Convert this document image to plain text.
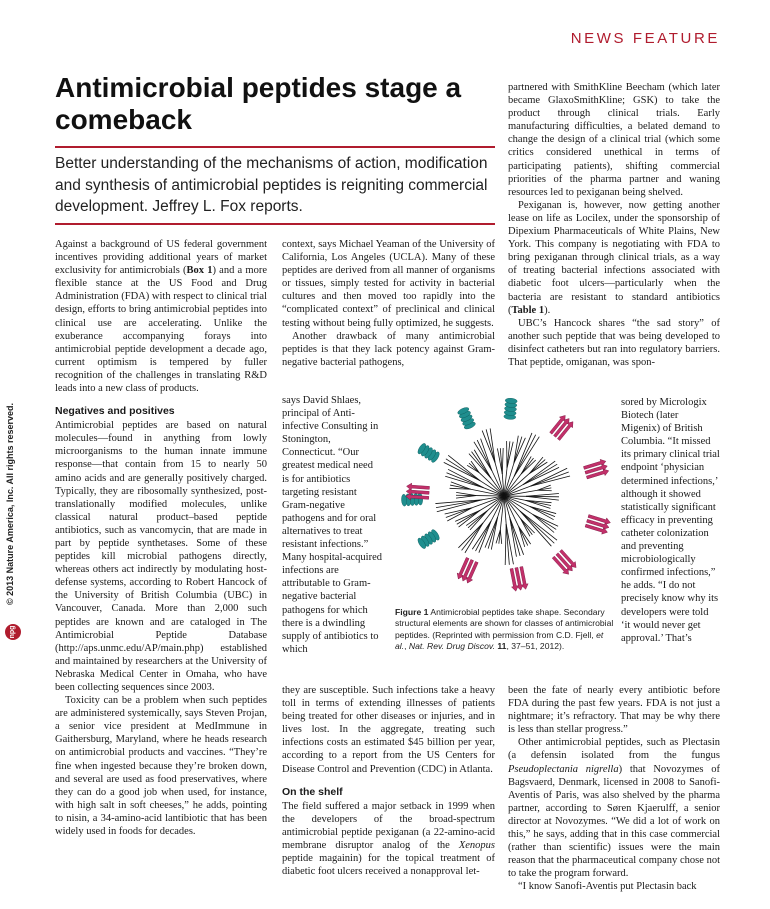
NEWS FEATURE
Antimicrobial peptides stage a comeback

Better understanding of the mechanisms of action, modification and synthesis of antimicrobial peptides is reigniting commercial development. Jeffrey L. Fox reports.

© 2013 Nature America, Inc. All rights reserved.
npg

Against a background of US federal government incentives providing additional years of market exclusivity for antimicrobials (Box 1) and a more flexible stance at the US Food and Drug Administration (FDA) with respect to clinical trial design, efforts to bring antimicrobial peptides into clinical use are accelerating. Unlike the exuberance accompanying forays into antimicrobial peptide development a decade ago, current optimism is tempered by fuller recognition of the challenges in translating R&D leads into a new class of products.

Negatives and positives

Antimicrobial peptides are based on natural molecules—found in anything from lowly microorganisms to the human innate immune response—that contain from 15 to nearly 50 amino acids and are generally positively charged. Typically, they are ribosomally synthesized, post-translationally modified molecules, unlike classical natural product–based peptide antibiotics, such as vancomycin, that are made in part by peptide synthetases. Some of these peptides kill microbial pathogens directly, whereas others act indirectly by modulating host-defense systems, according to Robert Hancock of the University of British Columbia (UBC) in Vancouver, Canada. More than 2,000 such peptides are known and are cataloged in The Antimicrobial Peptide Database (http://aps.unmc.edu/AP/main.php) established and maintained by researchers at the University of Nebraska Medical Center in Omaha, who have been collecting sequences since 2003.

Toxicity can be a problem when such peptides are administered systemically, says Steven Projan, a senior vice president at MedImmune in Gaithersburg, Maryland, where he heads research on antimicrobial products and vaccines. “They’re fine when ingested because they’re broken down, and several are used as food preservatives, where they can do a good job when used, for instance, with high salt in soft cheeses,” he adds, pointing to nisin, a 34-amino-acid lantibiotic that has been widely used in foods for decades.

context, says Michael Yeaman of the University of California, Los Angeles (UCLA). Many of these peptides are derived from all manner of organisms or tissues, simply tested for activity in bacterial cultures and then moved too rapidly into the “complicated context” of preclinical and clinical testing without being fully optimized, he suggests.

Another drawback of many antimicrobial peptides is that they lack potency against Gram-negative bacterial pathogens,

says David Shlaes, principal of Anti-infective Consulting in Stonington, Connecticut. “Our greatest medical need is for antibiotics targeting resistant Gram-negative pathogens and for oral alternatives to treat resistant infections.” Many hospital-acquired infections are attributable to Gram-negative bacterial pathogens for which there is a dwindling supply of antibiotics to which

they are susceptible. Such infections take a heavy toll in terms of extending illnesses of patients being treated for other diseases or injuries, and in lives lost. In the aggregate, treating such infections costs an estimated $45 billion per year, according to a report from the US Centers for Disease Control and Prevention (CDC) in Atlanta.

On the shelf

The field suffered a major setback in 1999 when the developers of the broad-spectrum antimicrobial peptide pexiganan (a 22-amino-acid membrane disruptor analog of the Xenopus peptide magainin) for the topical treatment of diabetic foot ulcers received a nonapproval let-

partnered with SmithKline Beecham (which later became GlaxoSmithKline; GSK) to take the product through clinical trials. Early manufacturing difficulties, a belated demand to change the design of a clinical trial (which some critics considered unethical in terms of participating patients), shifting commercial priorities of the pharma partner and waning resources led to pexiganan being shelved.

Pexiganan is, however, now getting another lease on life as Locilex, under the sponsorship of Dipexium Pharmaceuticals of White Plains, New York. This company is negotiating with FDA to bring pexiganan through clinical trials, as a way of treating bacterial infections associated with diabetic foot ulcers—particularly when the bacteria are resistant to standard antibiotics (Table 1).

UBC’s Hancock shares “the sad story” of another such peptide that was being developed to disinfect catheters but ran into regulatory barriers. That peptide, omiganan, was spon-

sored by Micrologix Biotech (later Migenix) of British Columbia. “It missed its primary clinical trial endpoint ‘physician determined infections,’ although it showed statistically significant efficacy in preventing catheter colonization and preventing microbiologically confirmed infections,” he adds. “I do not precisely know why its developers were told ‘it would never get approval.’ That’s

been the fate of nearly every antibiotic before FDA during the past few years. FDA is not just a nightmare; it’s refractory. That may be why there is less than stellar progress.”

Other antimicrobial peptides, such as Plectasin (a defensin isolated from the fungus Pseudoplectania nigrella) that Novozymes of Bagsvaerd, Denmark, licensed in 2008 to Sanofi-Aventis of Paris, was also shelved by the pharma partner, according to Søren Kjaerulff, a senior director at Novozymes. “We did a lot of work on this,” he says, adding that in this case commercial (rather than scientific) issues were the main reason that the pharmaceutical company chose not to take the program forward.

“I know Sanofi-Aventis put Plectasin back

Figure 1 Antimicrobial peptides take shape. Secondary structural elements are shown for classes of antimicrobial peptides. (Reprinted with permission from C.D. Fjell, et al., Nat. Rev. Drug Discov. 11, 37–51, 2012).
